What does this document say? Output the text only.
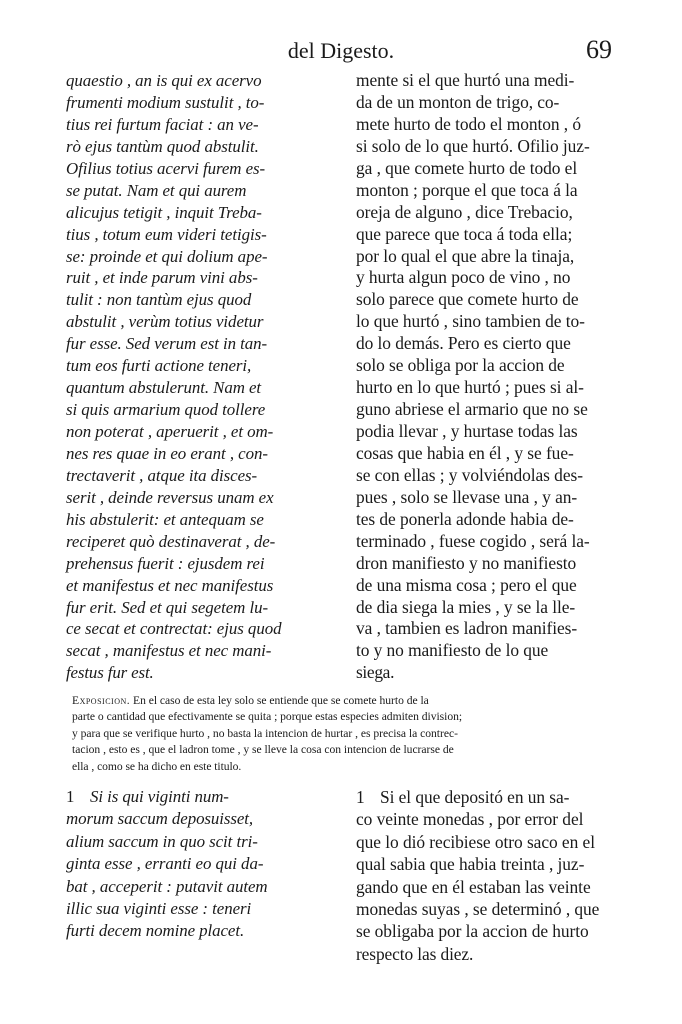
del Digesto.	69
quaestio , an is qui ex acervo
frumenti modium sustulit , to-
tius rei furtum faciat : an ve-
rò ejus tantùm quod abstulit.
Ofilius totius acervi furem es-
se putat. Nam et qui aurem
alicujus tetigit , inquit Treba-
tius , totum eum videri tetigis-
se: proinde et qui dolium ape-
ruit , et inde parum vini abs-
tulit : non tantùm ejus quod
abstulit , verùm totius videtur
fur esse. Sed verum est in tan-
tum eos furti actione teneri,
quantum abstulerunt. Nam et
si quis armarium quod tollere
non poterat , aperuerit , et om-
nes res quae in eo erant , con-
trectaverit , atque ita disces-
serit , deinde reversus unam ex
his abstulerit: et antequam se
reciperet quò destinaverat , de-
prehensus fuerit : ejusdem rei
et manifestus et nec manifestus
fur erit. Sed et qui segetem lu-
ce secat et contrectat: ejus quod
secat , manifestus et nec mani-
festus fur est.
mente si el que hurtó una medi-
da de un monton de trigo, co-
mete hurto de todo el monton , ó
si solo de lo que hurtó. Ofilio juz-
ga , que comete hurto de todo el
monton ; porque el que toca á la
oreja de alguno , dice Trebacio,
que parece que toca á toda ella;
por lo qual el que abre la tinaja,
y hurta algun poco de vino , no
solo parece que comete hurto de
lo que hurtó , sino tambien de to-
do lo demás. Pero es cierto que
solo se obliga por la accion de
hurto en lo que hurtó ; pues si al-
guno abriese el armario que no se
podia llevar , y hurtase todas las
cosas que habia en él , y se fue-
se con ellas ; y volviéndolas des-
pues , solo se llevase una , y an-
tes de ponerla adonde habia de-
terminado , fuese cogido , será la-
dron manifiesto y no manifiesto
de una misma cosa ; pero el que
de dia siega la mies , y se la lle-
va , tambien es ladron manifies-
to y no manifiesto de lo que
siega.
Exposicion. En el caso de esta ley solo se entiende que se comete hurto de la
parte o cantidad que efectivamente se quita ; porque estas especies admiten division;
y para que se verifique hurto , no basta la intencion de hurtar , es precisa la contrec-
tacion , esto es , que el ladron tome , y se lleve la cosa con intencion de lucrarse de
ella , como se ha dicho en este titulo.
1 Si is qui viginti num-
morum saccum deposuisset,
alium saccum in quo scit tri-
ginta esse , erranti eo qui da-
bat , acceperit : putavit autem
illic sua viginti esse : teneri
furti decem nomine placet.
1 Si el que depositó en un sa-
co veinte monedas , por error del
que lo dió recibiese otro saco en el
qual sabia que habia treinta , juz-
gando que en él estaban las veinte
monedas suyas , se determinó , que
se obligaba por la accion de hurto
respecto las diez.
